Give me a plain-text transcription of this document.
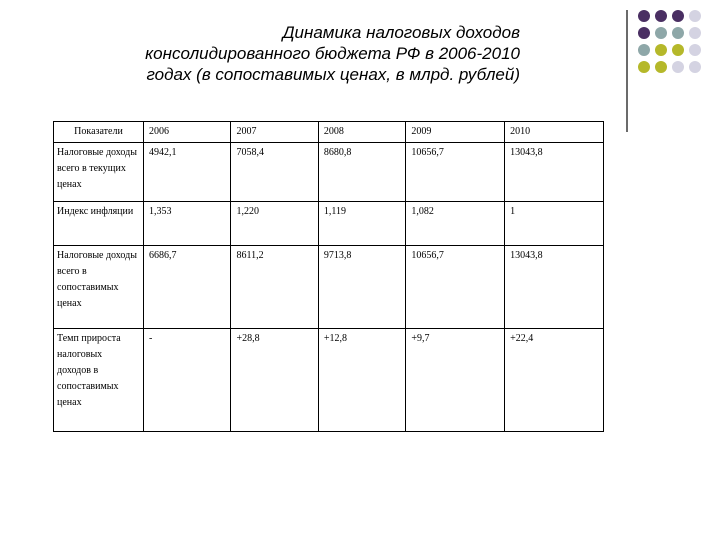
Динамика налоговых доходов
консолидированного бюджета РФ в 2006-2010
годах (в сопоставимых ценах, в млрд. рублей)
Показатели	2006	2007	2008	2009	2010
Налоговые доходы всего в текущих ценах	4942,1	7058,4	8680,8	10656,7	13043,8
Индекс инфляции	1,353	1,220	1,119	1,082	1
Налоговые доходы всего в сопоставимых ценах	6686,7	8611,2	9713,8	10656,7	13043,8
Темп прироста налоговых доходов в сопоставимых ценах	-	+28,8	+12,8	+9,7	+22,4
